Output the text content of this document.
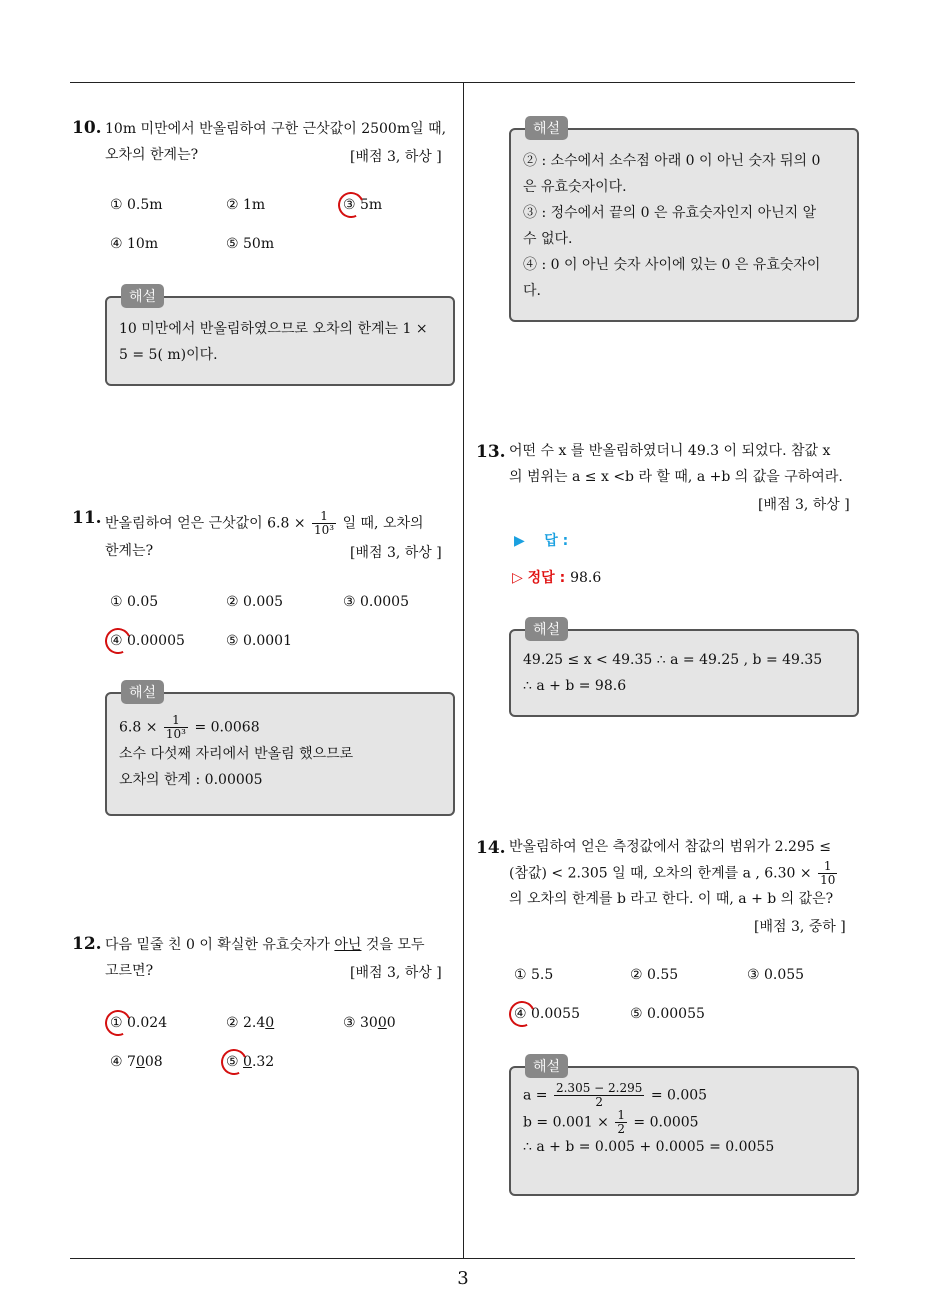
3
10. 10m 미만에서 반올림하여 구한 근삿값이 2500m일 때,
오차의 한계는?	[배점 3, 하상 ]
① 0.5m	② 1m	③ 5m
④ 10m	⑤ 50m
해설
10 미만에서 반올림하였으므로 오차의 한계는 1 ×
5 = 5( m)이다.
11. 반올림하여 얻은 근삿값이 $6.8 \times \frac{1}{\text{10³}}$ 일 때, 오차의
한계는?	[배점 3, 하상 ]
① 0.05	② 0.005	③ 0.0005
④ 0.00005	⑤ 0.0001
해설
$6.8 \times \frac{1}{\text{10³}} = 0.0068$
소수 다섯째 자리에서 반올림 했으므로
오차의 한계 : 0.00005
12. 다음 밑줄 친 0 이 확실한 유효숫자가 아닌 것을 모두
고르면?	[배점 3, 하상 ]
① 0.024	② 2.40	③ 3000
④ 7008	⑤ 0.32
해설
② : 소수에서 소수점 아래 0 이 아닌 숫자 뒤의 0
은 유효숫자이다.
③ : 정수에서 끝의 0 은 유효숫자인지 아닌지 알
수 없다.
④ : 0 이 아닌 숫자 사이에 있는 0 은 유효숫자이
다.
13. 어떤 수 x 를 반올림하였더니 49.3 이 되었다. 참값 x
의 범위는 a ≤ x <b 라 할 때, a +b 의 값을 구하여라.
[배점 3, 하상 ]
▶ 답 :
▷ 정답 : 98.6
해설
49.25 ≤ x < 49.35 ∴ a = 49.25 , b = 49.35
∴ a + b = 98.6
14. 반올림하여 얻은 측정값에서 참값의 범위가 2.295 ≤
(참값) < 2.305 일 때, 오차의 한계를 a , $6.30 \times \frac{1}{10}$
의 오차의 한계를 b 라고 한다. 이 때, a + b 의 값은?
[배점 3, 중하 ]
① 5.5	② 0.55	③ 0.055
④ 0.0055	⑤ 0.00055
해설
$a = \frac{2.305 - 2.295}{2} = 0.005$
$b = 0.001 \times \frac{1}{2} = 0.0005$
∴ a + b = 0.005 + 0.0005 = 0.0055
